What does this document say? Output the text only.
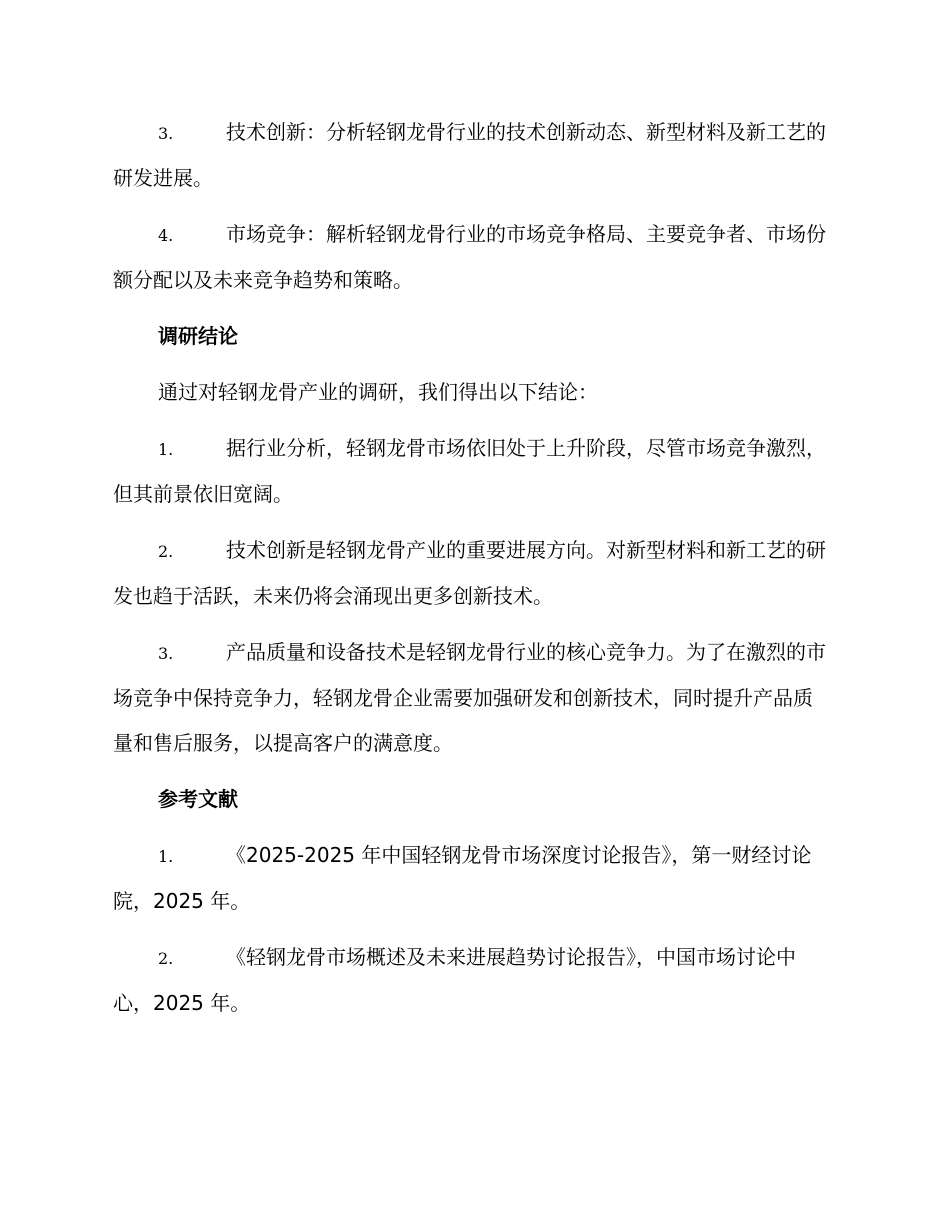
3.	技术创新：分析轻钢龙骨行业的技术创新动态、新型材料及新工艺的研发进展。

4.	市场竞争：解析轻钢龙骨行业的市场竞争格局、主要竞争者、市场份额分配以及未来竞争趋势和策略。

调研结论

通过对轻钢龙骨产业的调研，我们得出以下结论：

1.	据行业分析，轻钢龙骨市场依旧处于上升阶段，尽管市场竞争激烈，但其前景依旧宽阔。

2.	技术创新是轻钢龙骨产业的重要进展方向。对新型材料和新工艺的研发也趋于活跃，未来仍将会涌现出更多创新技术。

3.	产品质量和设备技术是轻钢龙骨行业的核心竞争力。为了在激烈的市场竞争中保持竞争力，轻钢龙骨企业需要加强研发和创新技术，同时提升产品质量和售后服务，以提高客户的满意度。

参考文献

1.	《2025-2025 年中国轻钢龙骨市场深度讨论报告》，第一财经讨论院，2025 年。

2.	《轻钢龙骨市场概述及未来进展趋势讨论报告》，中国市场讨论中心，2025 年。
